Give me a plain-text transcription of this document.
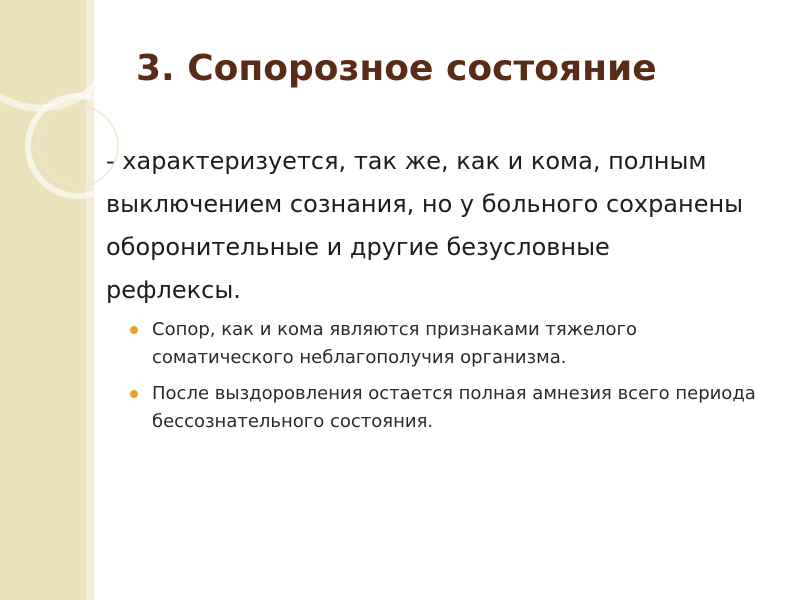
3. Сопорозное состояние

- характеризуется, так же, как и кома, полным выключением сознания, но у больного сохранены оборонительные и другие безусловные рефлексы.

Сопор, как и кома являются признаками тяжелого соматического неблагополучия организма.
После выздоровления остается полная амнезия всего периода бессознательного состояния.
